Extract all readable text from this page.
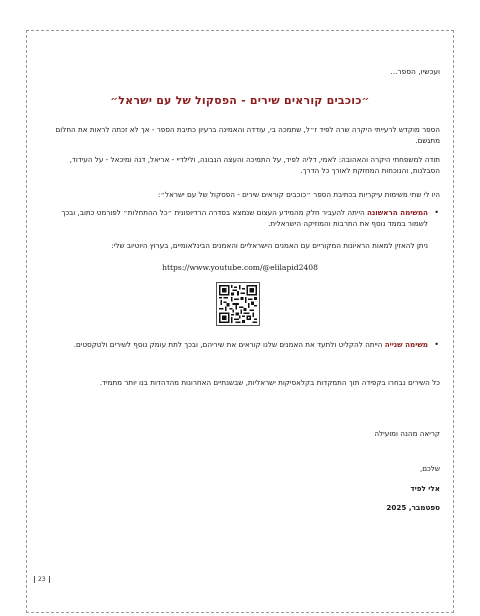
ועכשיו, הספר...

״כוכבים קוראים שירים - הפסקול של עם ישראל״

הספר מוקדש לרעייתי היקרה שרה לפיד ז״ל, שתמכה בי, עודדה והאמינה ברעיון כתיבת הספר - אך לא זכתה לראות את החלום מתגשם.

תודה למשפחתי היקרה והאהובה: לאמי, דליה לפיד, על התמיכה והעצה הנבונה, ולילדיי - אריאל, דנה ומיכאל - על העידוד, הסבלנות, והנוכחות המחזקת לאורך כל הדרך.

היו לי שתי משימות עיקריות בכתיבת הספר ״כוכבים קוראים שירים - הפסקול של עם ישראל״:

• המשימה הראשונה הייתה להעביר חלק מהמידע העצום שנמצא בסדרה הרדיופונית ״כל ההתחלות״ לפורמט כתוב, ובכך לשמור בממד נוסף את התרבות והמוזיקה הישראלית.

ניתן להאזין למאות הראיונות המקוריים עם האמנים הישראליים והאמנים הבינלאומיים, בערוץ היוטיוב שלי:

https://www.youtube.com/@elilapid2408

• משימה שנייה הייתה להקליט ולתעד את האמנים שלנו קוראים את שיריהם, ובכך לתת עומק נוסף לשירים ולטקסטים.

כל השירים נבחרו בקפידה תוך התמקדות בקלאסיקות ישראליות, שבשנתיים האחרונות מהדהדות בנו יותר מתמיד.

קריאה מהנה ומועילה

שלכם,

אלי לפיד

ספטמבר, 2025

23
